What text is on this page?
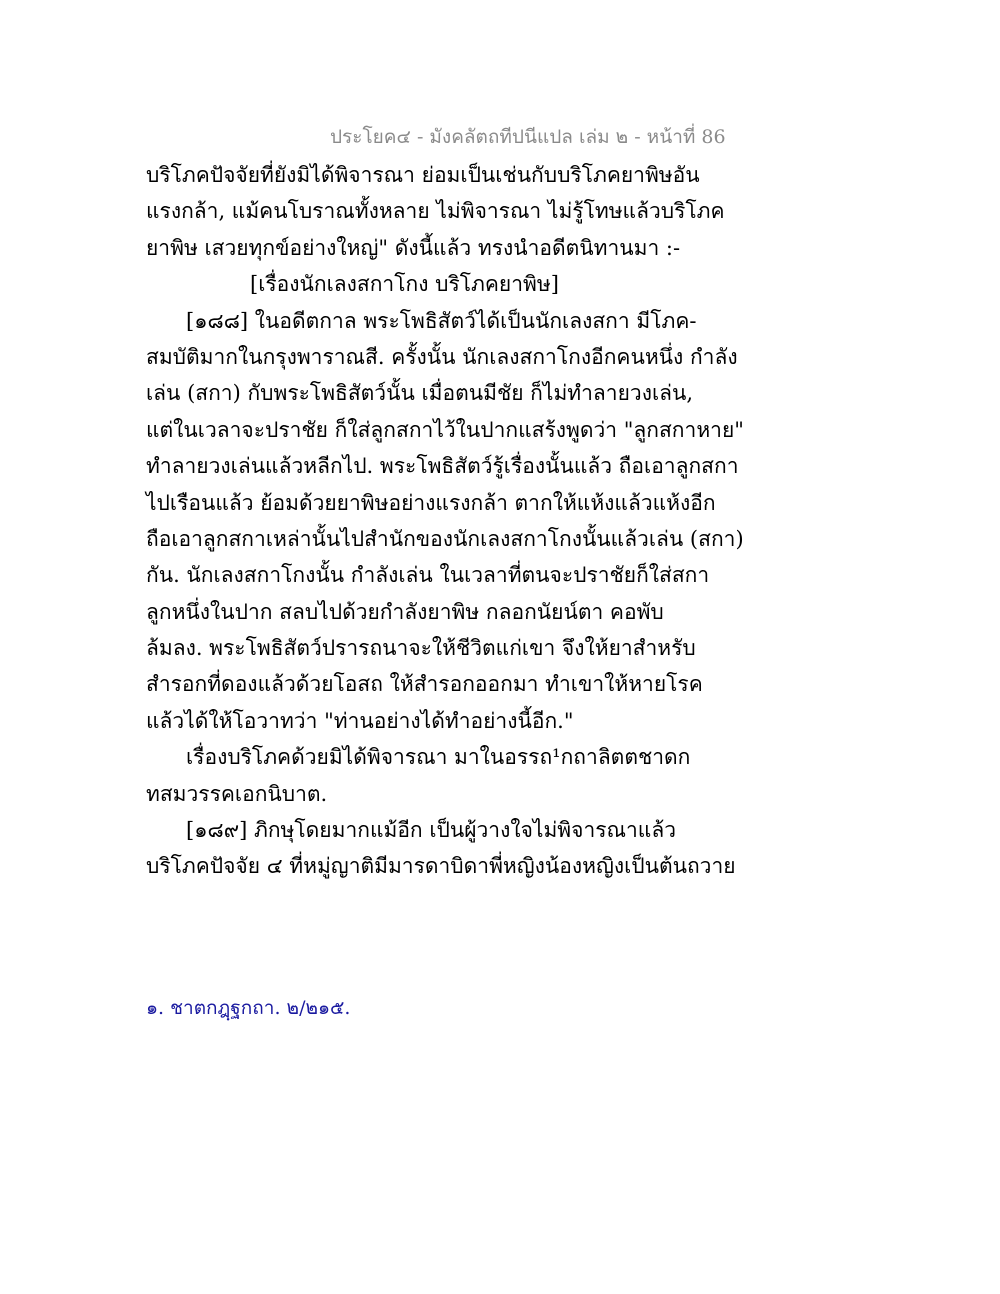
ประโยค๔ - มังคลัตถทีปนีแปล เล่ม ๒ - หน้าที่ 86
บริโภคปัจจัยที่ยังมิได้พิจารณา ย่อมเป็นเช่นกับบริโภคยาพิษอัน
แรงกล้า, แม้คนโบราณทั้งหลาย ไม่พิจารณา ไม่รู้โทษแล้วบริโภค
ยาพิษ เสวยทุกข์อย่างใหญ่" ดังนี้แล้ว ทรงนำอดีตนิทานมา :-
[เรื่องนักเลงสกาโกง บริโภคยาพิษ]
[๑๘๘] ในอดีตกาล พระโพธิสัตว์ได้เป็นนักเลงสกา มีโภค-
สมบัติมากในกรุงพาราณสี. ครั้งนั้น นักเลงสกาโกงอีกคนหนึ่ง กำลัง
เล่น (สกา) กับพระโพธิสัตว์นั้น เมื่อตนมีชัย ก็ไม่ทำลายวงเล่น,
แต่ในเวลาจะปราชัย ก็ใส่ลูกสกาไว้ในปากแสร้งพูดว่า "ลูกสกาหาย"
ทำลายวงเล่นแล้วหลีกไป. พระโพธิสัตว์รู้เรื่องนั้นแล้ว ถือเอาลูกสกา
ไปเรือนแล้ว ย้อมด้วยยาพิษอย่างแรงกล้า ตากให้แห้งแล้วแห้งอีก
ถือเอาลูกสกาเหล่านั้นไปสำนักของนักเลงสกาโกงนั้นแล้วเล่น (สกา)
กัน. นักเลงสกาโกงนั้น กำลังเล่น ในเวลาที่ตนจะปราชัยก็ใส่สกา
ลูกหนึ่งในปาก สลบไปด้วยกำลังยาพิษ กลอกนัยน์ตา คอพับ
ล้มลง. พระโพธิสัตว์ปรารถนาจะให้ชีวิตแก่เขา จึงให้ยาสำหรับ
สำรอกที่ดองแล้วด้วยโอสถ ให้สำรอกออกมา ทำเขาให้หายโรค
แล้วได้ให้โอวาทว่า "ท่านอย่างได้ทำอย่างนี้อีก."
เรื่องบริโภคด้วยมิได้พิจารณา มาในอรรถ¹กถาลิตตชาดก
ทสมวรรคเอกนิบาต.
[๑๘๙] ภิกษุโดยมากแม้อีก เป็นผู้วางใจไม่พิจารณาแล้ว
บริโภคปัจจัย ๔ ที่หมู่ญาติมีมารดาบิดาพี่หญิงน้องหญิงเป็นต้นถวาย
๑. ชาตกฎฺฐกถา. ๒/๒๑๕.
